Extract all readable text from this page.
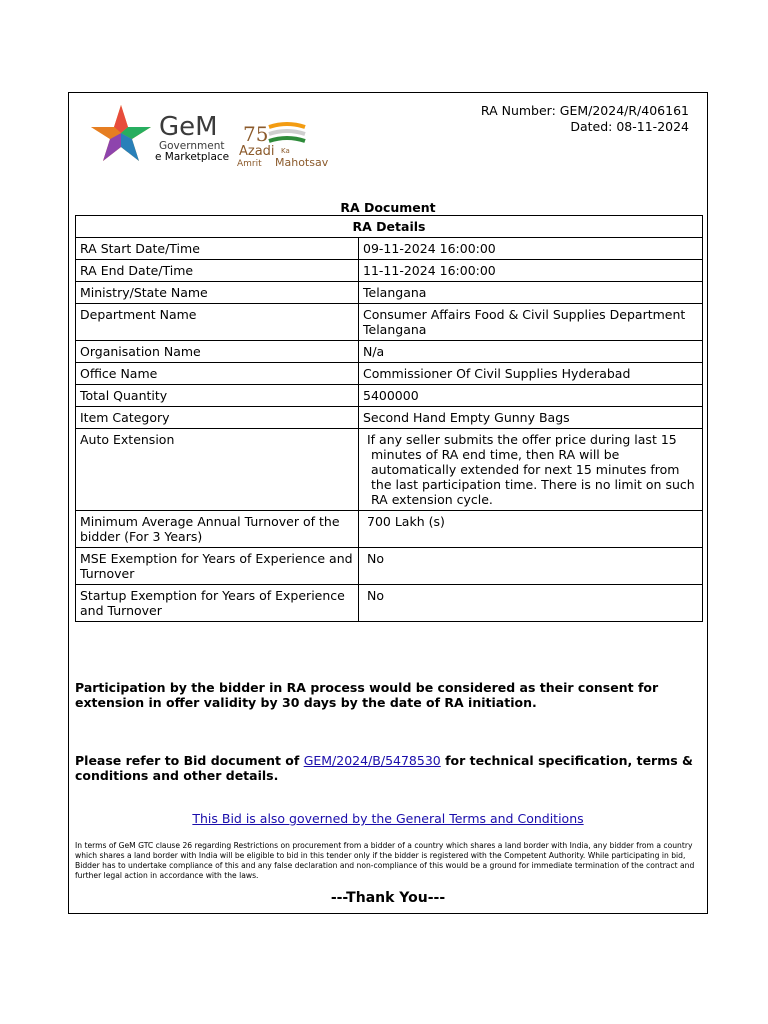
GeM
Government
e Marketplace
75
Azadi Ka
Amrit Mahotsav
RA Number: GEM/2024/R/406161
Dated: 08-11-2024
RA Document
RA Details	
RA Start Date/Time	09-11-2024 16:00:00
RA End Date/Time	11-11-2024 16:00:00
Ministry/State Name	Telangana
Department Name	Consumer Affairs Food & Civil Supplies Department Telangana
Organisation Name	N/a
Office Name	Commissioner Of Civil Supplies Hyderabad
Total Quantity	5400000
Item Category	Second Hand Empty Gunny Bags
Auto Extension	If any seller submits the offer price during last 15 minutes of RA end time, then RA will be automatically extended for next 15 minutes from the last participation time. There is no limit on such RA extension cycle.
Minimum Average Annual Turnover of the bidder (For 3 Years)	700 Lakh (s)
MSE Exemption for Years of Experience and Turnover	No
Startup Exemption for Years of Experience and Turnover	No
Participation by the bidder in RA process would be considered as their consent for extension in offer validity by 30 days by the date of RA initiation.
Please refer to Bid document of GEM/2024/B/5478530 for technical specification, terms & conditions and other details.
This Bid is also governed by the General Terms and Conditions
In terms of GeM GTC clause 26 regarding Restrictions on procurement from a bidder of a country which shares a land border with India, any bidder from a country which shares a land border with India will be eligible to bid in this tender only if the bidder is registered with the Competent Authority. While participating in bid, Bidder has to undertake compliance of this and any false declaration and non-compliance of this would be a ground for immediate termination of the contract and further legal action in accordance with the laws.
---Thank You---
